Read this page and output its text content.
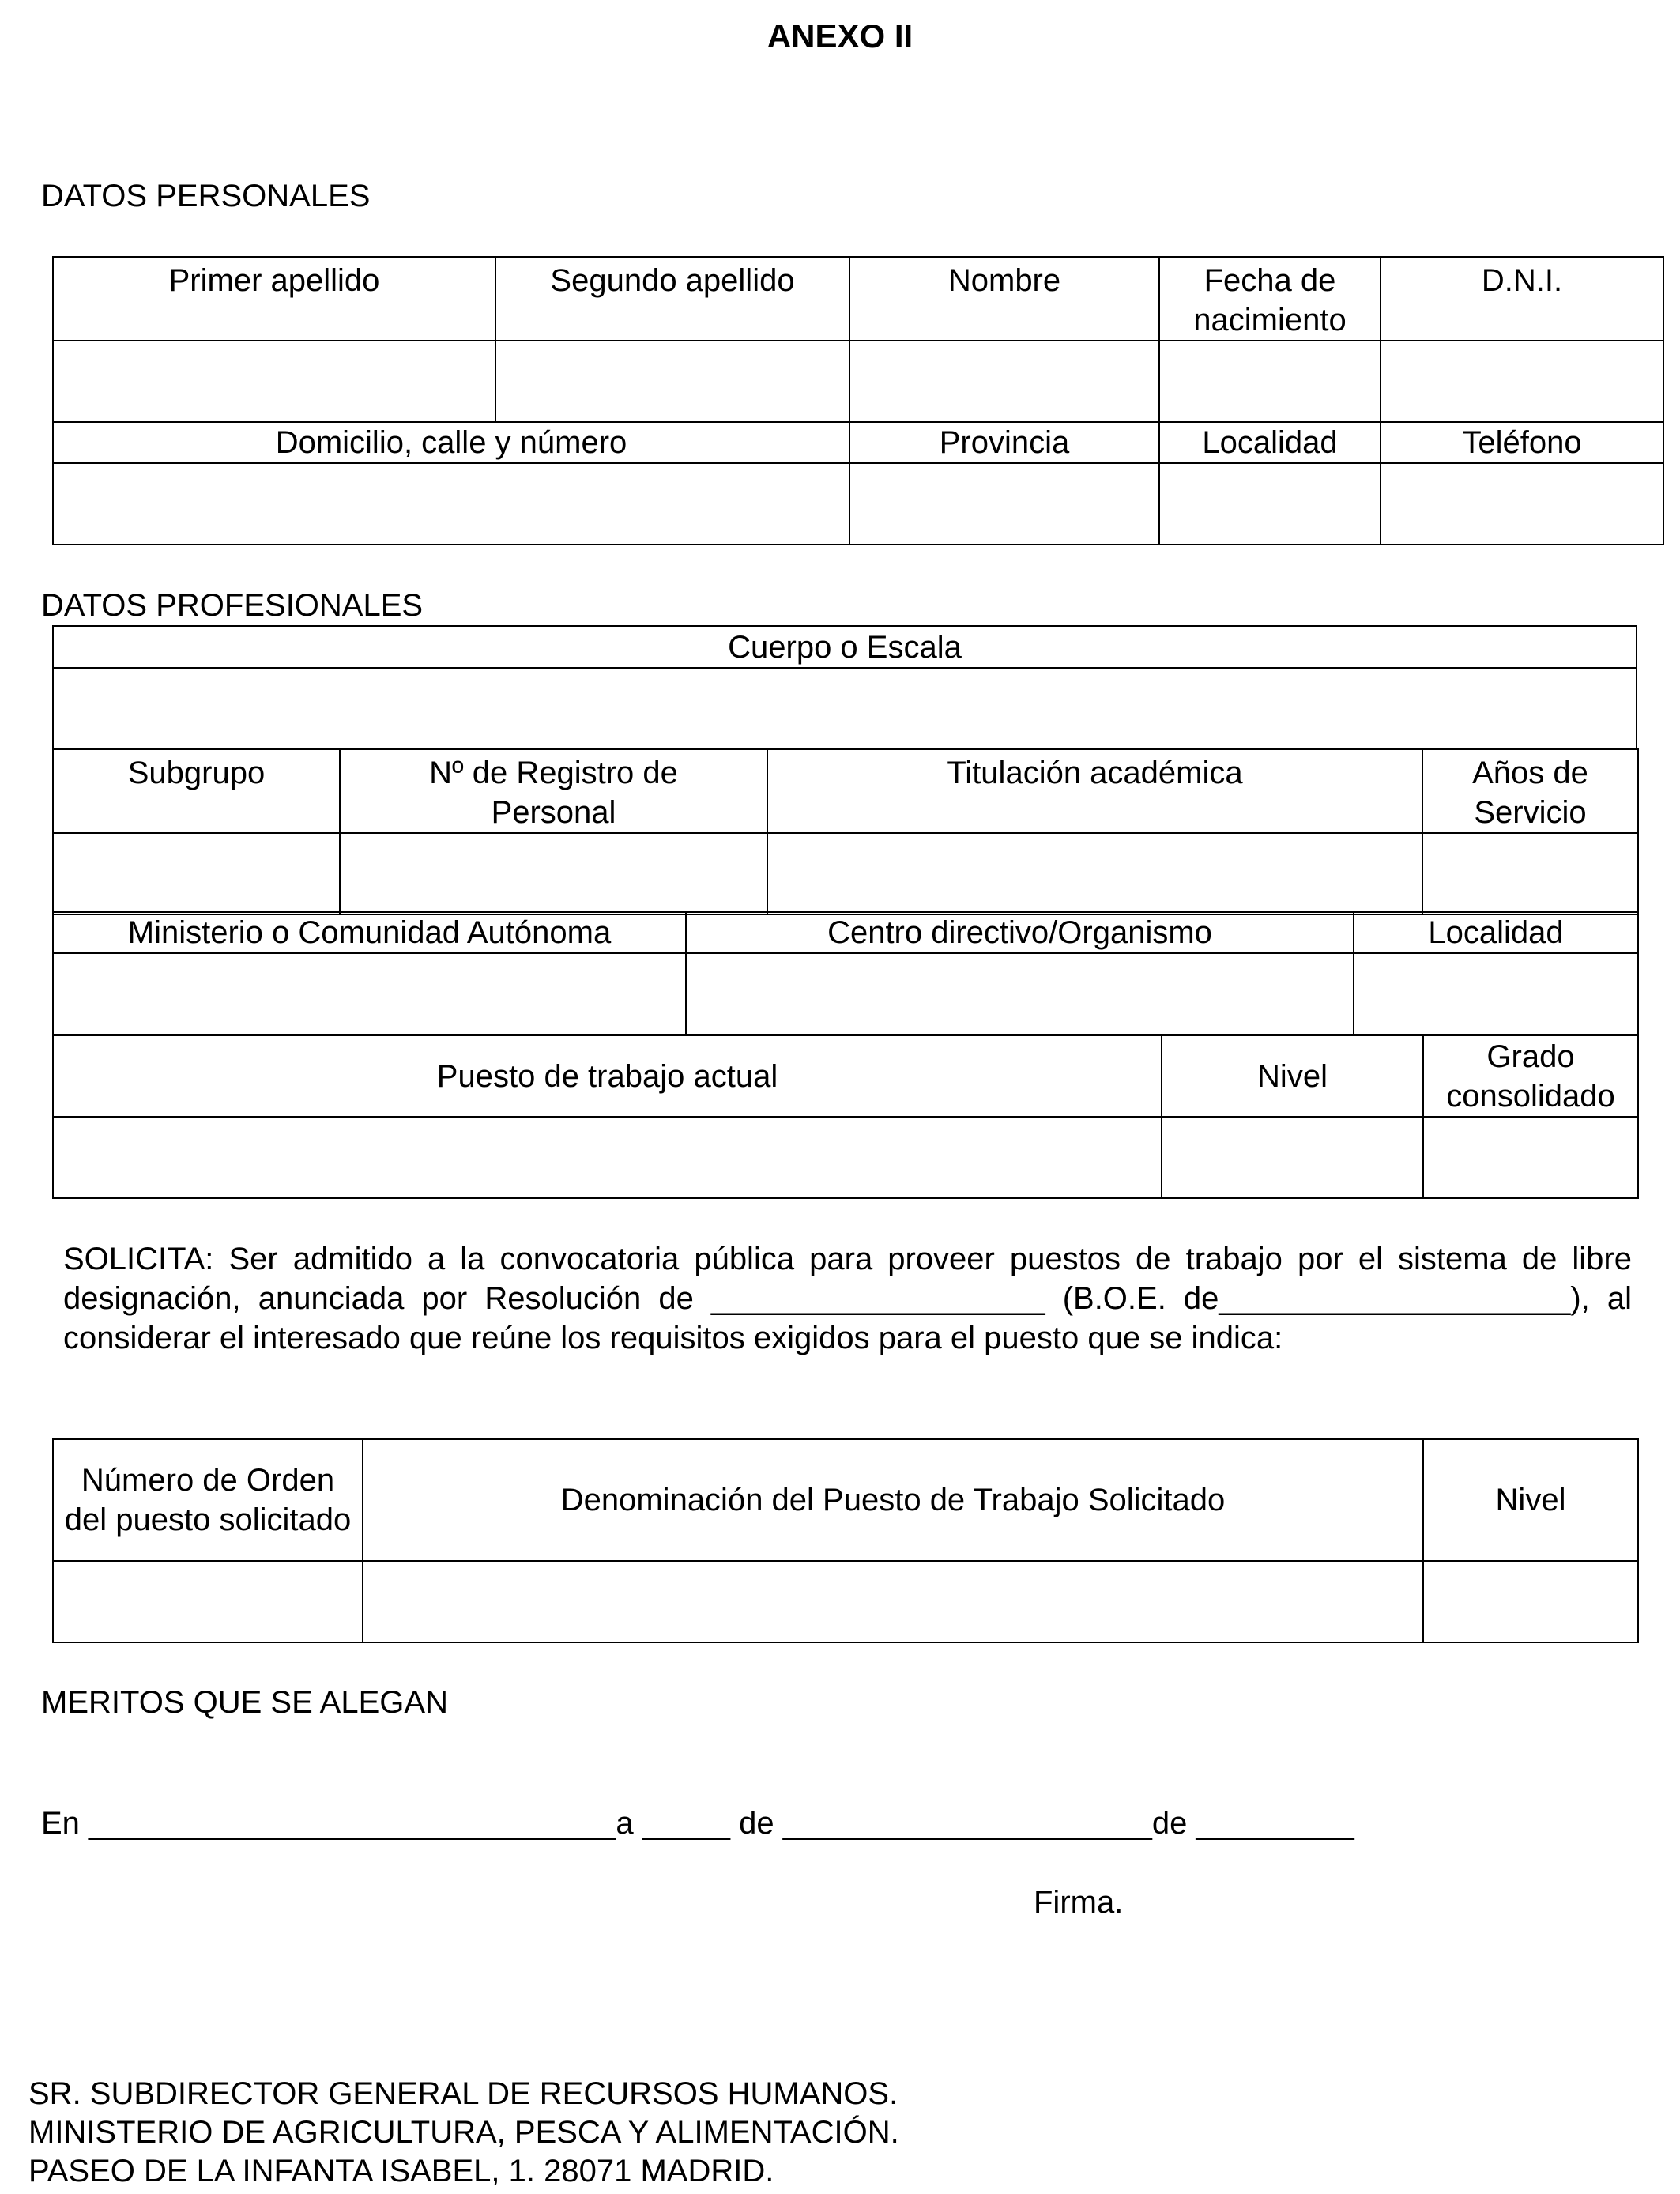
ANEXO II
DATOS PERSONALES
Primer apellido	Segundo apellido	Nombre	Fecha de nacimiento	D.N.I.

Domicilio, calle y número		Provincia	Localidad	Teléfono

DATOS PROFESIONALES
Cuerpo o Escala

Subgrupo	Nº de Registro de Personal	Titulación académica	Años de Servicio

Ministerio o Comunidad Autónoma	Centro directivo/Organismo	Localidad

Puesto de trabajo actual	Nivel	Grado consolidado

SOLICITA: Ser admitido a la convocatoria pública para proveer puestos de trabajo por el sistema de libre designación, anunciada por Resolución de ___________________ (B.O.E. de____________________), al considerar el interesado que reúne los requisitos exigidos para el puesto que se indica:
Número de Orden del puesto solicitado	Denominación del Puesto de Trabajo Solicitado	Nivel

MERITOS QUE SE ALEGAN
En ______________________________a _____ de _____________________de _________
Firma.
SR. SUBDIRECTOR GENERAL DE RECURSOS HUMANOS.
MINISTERIO DE AGRICULTURA, PESCA Y ALIMENTACIÓN.
PASEO DE LA INFANTA ISABEL, 1. 28071 MADRID.
